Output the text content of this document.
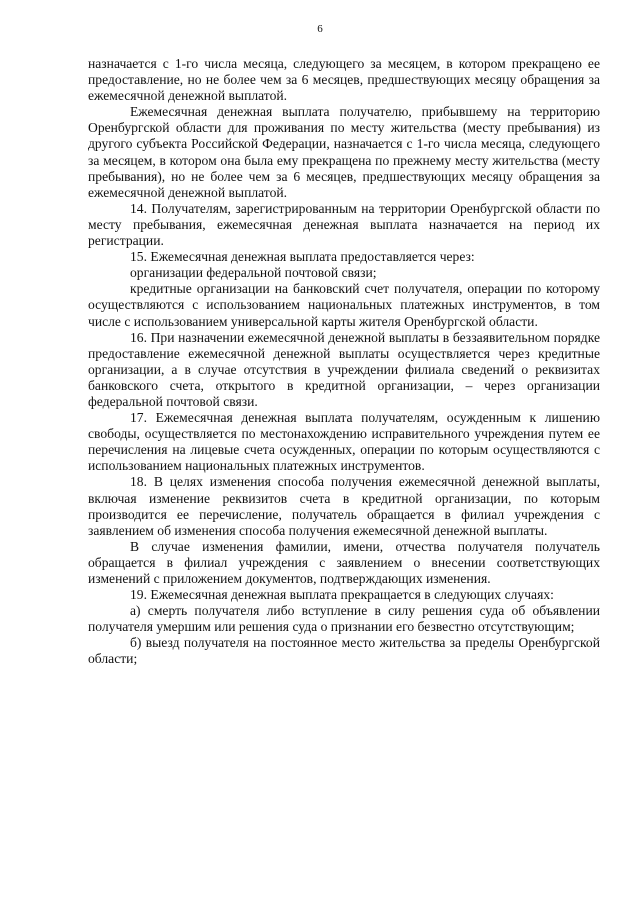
6

назначается с 1-го числа месяца, следующего за месяцем, в котором прекращено ее предоставление, но не более чем за 6 месяцев, предшествующих месяцу обращения за ежемесячной денежной выплатой.

Ежемесячная денежная выплата получателю, прибывшему на территорию Оренбургской области для проживания по месту жительства (месту пребывания) из другого субъекта Российской Федерации, назначается с 1-го числа месяца, следующего за месяцем, в котором она была ему прекращена по прежнему месту жительства (месту пребывания), но не более чем за 6 месяцев, предшествующих месяцу обращения за ежемесячной денежной выплатой.

14. Получателям, зарегистрированным на территории Оренбургской области по месту пребывания, ежемесячная денежная выплата назначается на период их регистрации.

15. Ежемесячная денежная выплата предоставляется через:

организации федеральной почтовой связи;

кредитные организации на банковский счет получателя, операции по которому осуществляются с использованием национальных платежных инструментов, в том числе с использованием универсальной карты жителя Оренбургской области.

16. При назначении ежемесячной денежной выплаты в беззаявительном порядке предоставление ежемесячной денежной выплаты осуществляется через кредитные организации, а в случае отсутствия в учреждении филиала сведений о реквизитах банковского счета, открытого в кредитной организации, – через организации федеральной почтовой связи.

17. Ежемесячная денежная выплата получателям, осужденным к лишению свободы, осуществляется по местонахождению исправительного учреждения путем ее перечисления на лицевые счета осужденных, операции по которым осуществляются с использованием национальных платежных инструментов.

18. В целях изменения способа получения ежемесячной денежной выплаты, включая изменение реквизитов счета в кредитной организации, по которым производится ее перечисление, получатель обращается в филиал учреждения с заявлением об изменения способа получения ежемесячной денежной выплаты.

В случае изменения фамилии, имени, отчества получателя получатель обращается в филиал учреждения с заявлением о внесении соответствующих изменений с приложением документов, подтверждающих изменения.

19. Ежемесячная денежная выплата прекращается в следующих случаях:

а) смерть получателя либо вступление в силу решения суда об объявлении получателя умершим или решения суда о признании его безвестно отсутствующим;

б) выезд получателя на постоянное место жительства за пределы Оренбургской области;
